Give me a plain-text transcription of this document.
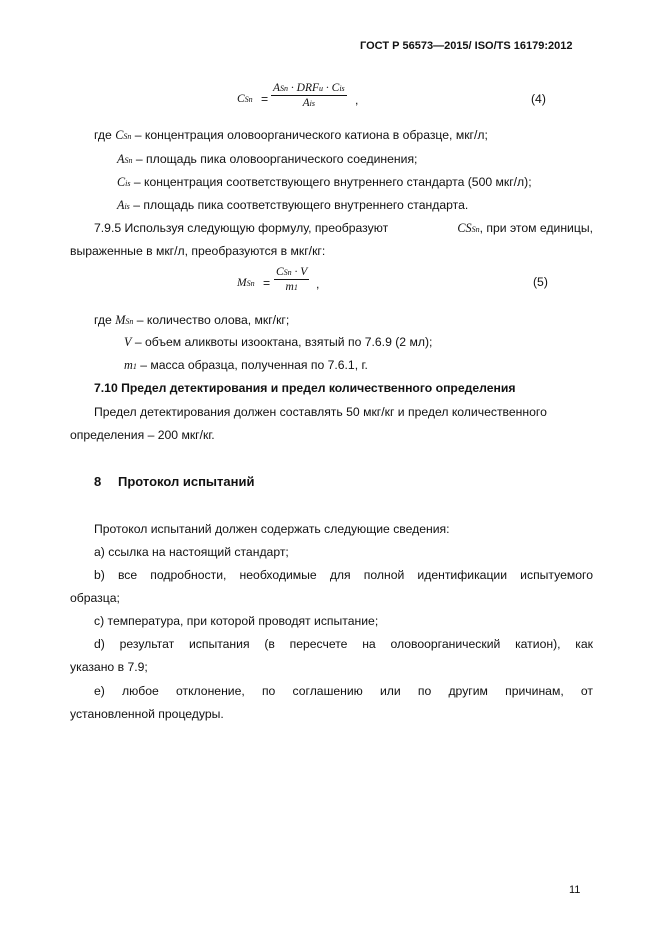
ГОСТ Р 56573—2015/ ISO/TS 16179:2012
CSn =
ASn · DRFu · Cis
Ais	,	(4)
где CSn – концентрация оловоорганического катиона в образце, мкг/л;
ASn – площадь пика оловоорганического соединения;
Cis – концентрация соответствующего внутреннего стандарта (500 мкг/л);
Ais – площадь пика соответствующего внутреннего стандарта.
7.9.5 Используя следующую формулу, преобразуют	CSSn, при этом единицы,
выраженные в мкг/л, преобразуются в мкг/кг:
MSn =
CSn · V
m1 ,	(5)
где MSn – количество олова, мкг/кг;
V – объем аликвоты изооктана, взятый по 7.6.9 (2 мл);
m1 – масса образца, полученная по 7.6.1, г.
7.10 Предел детектирования и предел количественного определения
Предел детектирования должен составлять 50 мкг/кг и предел количественного
определения – 200 мкг/кг.
8 Протокол испытаний
Протокол испытаний должен содержать следующие сведения:
a) ссылка на настоящий стандарт;
b) все подробности, необходимые для полной идентификации испытуемого
образца;
c) температура, при которой проводят испытание;
d) результат испытания (в пересчете на оловоорганический катион), как
указано в 7.9;
e) любое отклонение, по соглашению или по другим причинам, от
установленной процедуры.
11
